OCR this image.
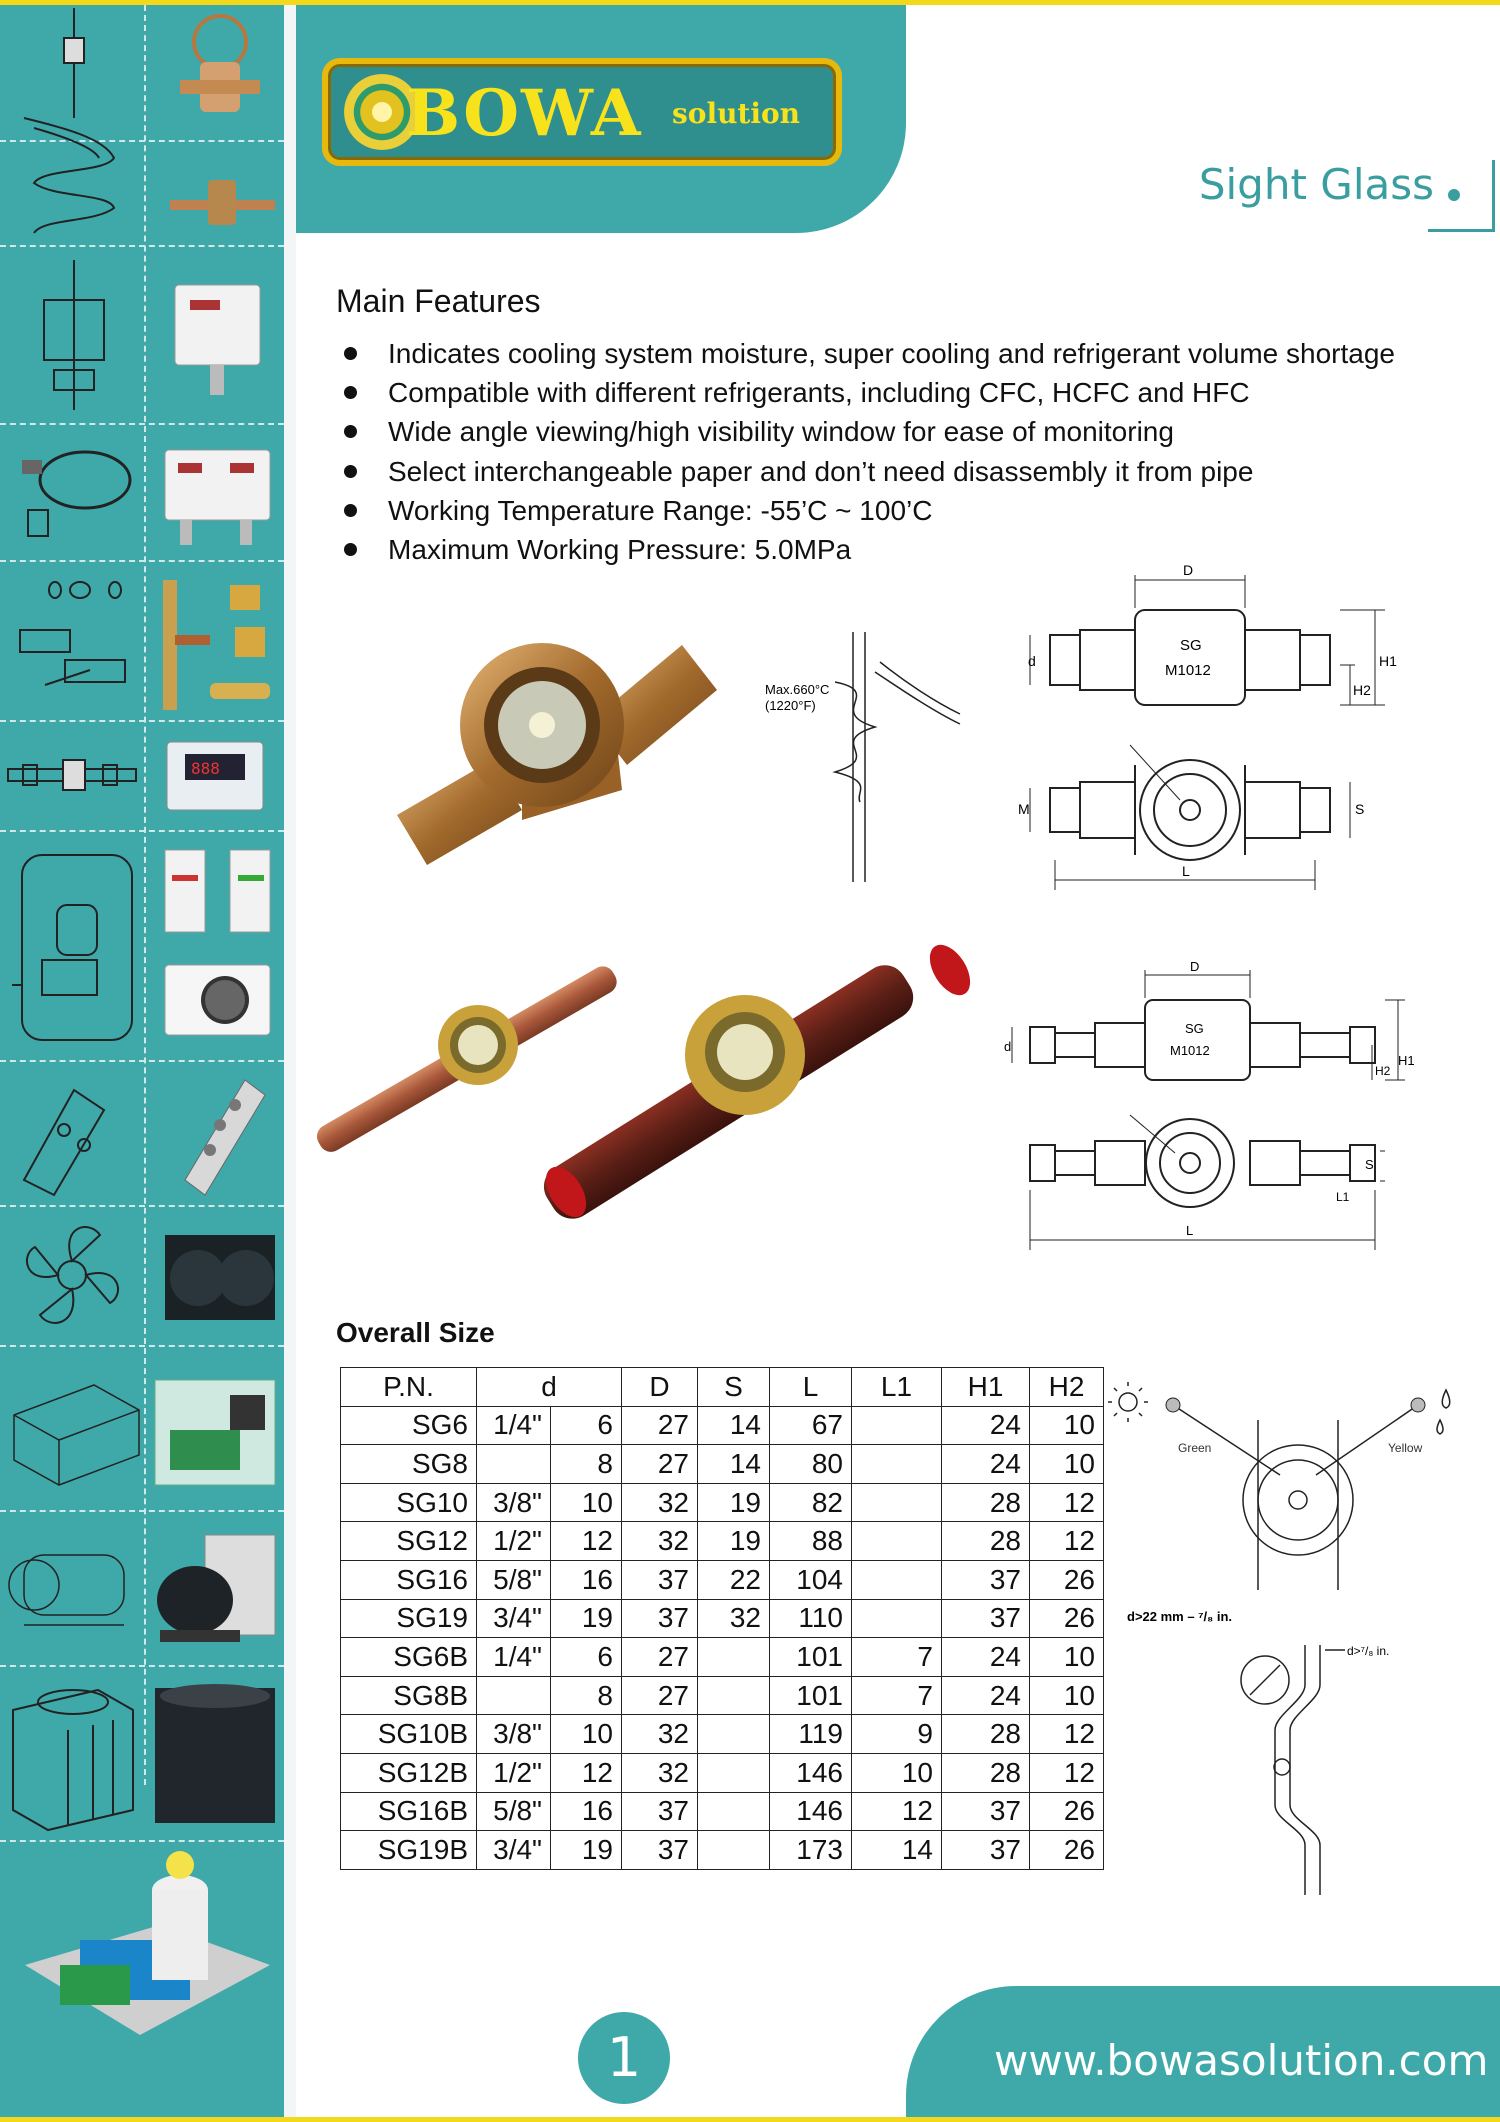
888
BOWA solution
Sight Glass
Main Features
Indicates cooling system moisture, super cooling and refrigerant volume shortage
Compatible with different refrigerants, including CFC, HCFC and HFC
Wide angle viewing/high visibility window for ease of monitoring
Select interchangeable paper and don’t need disassembly it from pipe
Working Temperature Range: -55’C ~ 100’C
Maximum Working Pressure: 5.0MPa
Max.660°C
(1220°F)
D
d	H1
H2
SG
M1012
M	S
L
D
d
H1
H2
SG
M1012
S
L1
L
Overall Size
P.N.	d		D	S	L	L1	H1	H2
SG6	1/4"	6	27	14	67		24	10
SG8		8	27	14	80		24	10
SG10	3/8"	10	32	19	82		28	12
SG12	1/2"	12	32	19	88		28	12
SG16	5/8"	16	37	22	104		37	26
SG19	3/4"	19	37	32	110		37	26
SG6B	1/4"	6	27		101	7	24	10
SG8B		8	27		101	7	24	10
SG10B	3/8"	10	32		119	9	28	12
SG12B	1/2"	12	32		146	10	28	12
SG16B	5/8"	16	37		146	12	37	26
SG19B	3/4"	19	37		173	14	37	26
Green	Yellow
d>22 mm – ⁷/₈ in.
d>⁷/₈ in.
1	www.bowasolution.com
